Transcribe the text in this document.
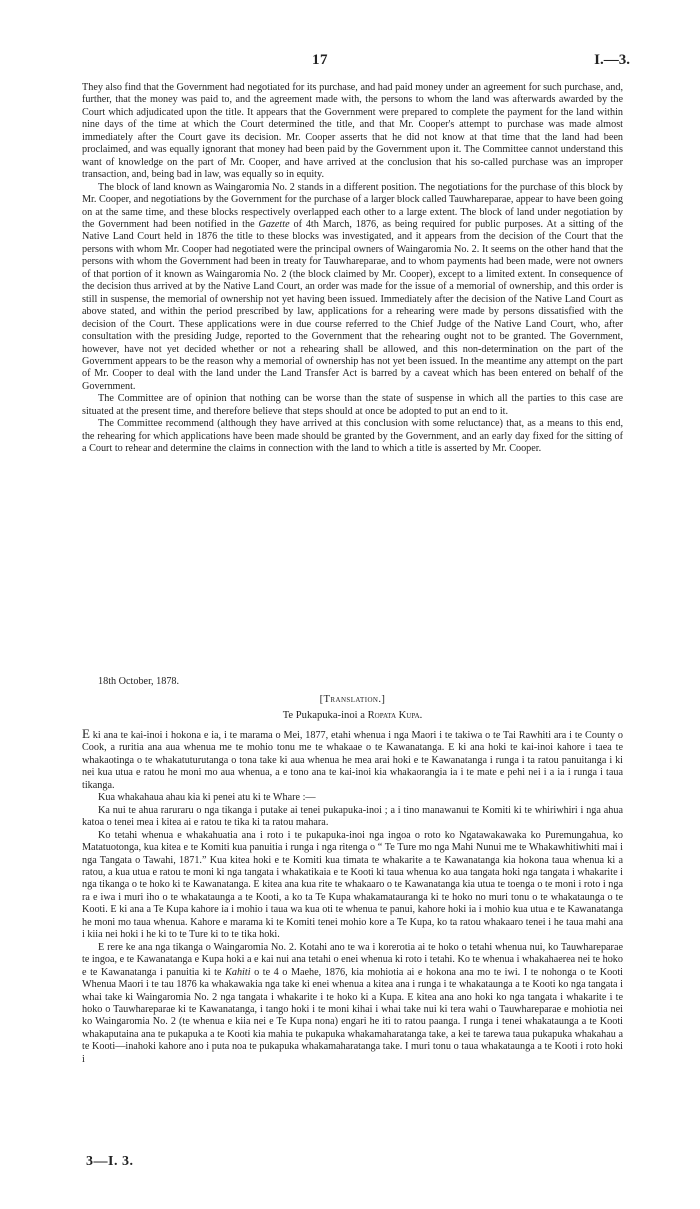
17	I.—3.

They also find that the Government had negotiated for its purchase, and had paid money under an agreement for such purchase, and, further, that the money was paid to, and the agreement made with, the persons to whom the land was afterwards awarded by the Court which adjudicated upon the title. It appears that the Government were prepared to complete the payment for the land within nine days of the time at which the Court determined the title, and that Mr. Cooper's attempt to purchase was made almost immediately after the Court gave its decision. Mr. Cooper asserts that he did not know at that time that the land had been proclaimed, and was equally ignorant that money had been paid by the Government upon it. The Committee cannot understand this want of knowledge on the part of Mr. Cooper, and have arrived at the conclusion that his so-called purchase was an improper transaction, and, being bad in law, was equally so in equity.

The block of land known as Waingaromia No. 2 stands in a different position. The negotiations for the purchase of this block by Mr. Cooper, and negotiations by the Government for the purchase of a larger block called Tauwhareparae, appear to have been going on at the same time, and these blocks respectively overlapped each other to a large extent. The block of land under negotiation by the Government had been notified in the Gazette of 4th March, 1876, as being required for public purposes. At a sitting of the Native Land Court held in 1876 the title to these blocks was investigated, and it appears from the decision of the Court that the persons with whom Mr. Cooper had negotiated were the principal owners of Waingaromia No. 2. It seems on the other hand that the persons with whom the Government had been in treaty for Tauwhareparae, and to whom payments had been made, were not owners of that portion of it known as Waingaromia No. 2 (the block claimed by Mr. Cooper), except to a limited extent. In consequence of the decision thus arrived at by the Native Land Court, an order was made for the issue of a memorial of ownership, and this order is still in suspense, the memorial of ownership not yet having been issued. Immediately after the decision of the Native Land Court as above stated, and within the period prescribed by law, applications for a rehearing were made by persons dissatisfied with the decision of the Court. These applications were in due course referred to the Chief Judge of the Native Land Court, who, after consultation with the presiding Judge, reported to the Government that the rehearing ought not to be granted. The Government, however, have not yet decided whether or not a rehearing shall be allowed, and this non-determination on the part of the Government appears to be the reason why a memorial of ownership has not yet been issued. In the meantime any attempt on the part of Mr. Cooper to deal with the land under the Land Transfer Act is barred by a caveat which has been entered on behalf of the Government.

The Committee are of opinion that nothing can be worse than the state of suspense in which all the parties to this case are situated at the present time, and therefore believe that steps should at once be adopted to put an end to it.

The Committee recommend (although they have arrived at this conclusion with some reluctance) that, as a means to this end, the rehearing for which applications have been made should be granted by the Government, and an early day fixed for the sitting of a Court to rehear and determine the claims in connection with the land to which a title is asserted by Mr. Cooper.

18th October, 1878.
[Translation.]
Te Pukapuka-inoi a Ropata Kupa.

E ki ana te kai-inoi i hokona e ia, i te marama o Mei, 1877, etahi whenua i nga Maori i te takiwa o te Tai Rawhiti ara i te County o Cook, a ruritia ana aua whenua me te mohio tonu me te whakaae o te Kawanatanga. E ki ana hoki te kai-inoi kahore i taea te whakaotinga o te whakatuturutanga o tona take ki aua whenua he mea arai hoki e te Kawanatanga i runga i ta ratou panuitanga i ki nei kua utua e ratou he moni mo aua whenua, a e tono ana te kai-inoi kia whakaorangia ia i te mate e pehi nei i a ia i runga i taua tikanga.

Kua whakahaua ahau kia ki penei atu ki te Whare :—

Ka nui te ahua raruraru o nga tikanga i putake ai tenei pukapuka-inoi ; a i tino manawanui te Komiti ki te whiriwhiri i nga ahua katoa o tenei mea i kitea ai e ratou te tika ki ta ratou mahara.

Ko tetahi whenua e whakahuatia ana i roto i te pukapuka-inoi nga ingoa o roto ko Ngatawakawaka ko Puremungahua, ko Matatuotonga, kua kitea e te Komiti kua panuitia i runga i nga ritenga o “ Te Ture mo nga Mahi Nunui me te Whakawhitiwhiti mai i nga Tangata o Tawahi, 1871.” Kua kitea hoki e te Komiti kua timata te whakarite a te Kawanatanga kia hokona taua whenua ki a ratou, a kua utua e ratou te moni ki nga tangata i whakatikaia e te Kooti ki taua whenua ko aua tangata hoki nga tangata i whakarite i nga tikanga o te hoko ki te Kawanatanga. E kitea ana kua rite te whakaaro o te Kawanatanga kia utua te toenga o te moni i roto i nga ra e iwa i muri iho o te whakataunga a te Kooti, a ko ta Te Kupa whakamatauranga ki te hoko no muri tonu o te whakataunga o te Kooti. E ki ana a Te Kupa kahore ia i mohio i taua wa kua oti te whenua te panui, kahore hoki ia i mohio kua utua e te Kawanatanga he moni mo taua whenua. Kahore e marama ki te Komiti tenei mohio kore a Te Kupa, ko ta ratou whakaaro tenei i he taua mahi ana i kiia nei hoki i he ki to te Ture ki to te tika hoki.

E rere ke ana nga tikanga o Waingaromia No. 2. Kotahi ano te wa i korerotia ai te hoko o tetahi whenua nui, ko Tauwhareparae te ingoa, e te Kawanatanga e Kupa hoki a e kai nui ana tetahi o enei whenua ki roto i tetahi. Ko te whenua i whakahaerea nei te hoko e te Kawanatanga i panuitia ki te Kahiti o te 4 o Maehe, 1876, kia mohiotia ai e hokona ana mo te iwi. I te nohonga o te Kooti Whenua Maori i te tau 1876 ka whakawakia nga take ki enei whenua a kitea ana i runga i te whakataunga a te Kooti ko nga tangata i whai take ki Waingaromia No. 2 nga tangata i whakarite i te hoko ki a Kupa. E kitea ana ano hoki ko nga tangata i whakarite i te hoko o Tauwhareparae ki te Kawanatanga, i tango hoki i te moni kihai i whai take nui ki tera wahi o Tauwhareparae e mohiotia nei ko Waingaromia No. 2 (te whenua e kiia nei e Te Kupa nona) engari he iti to ratou paanga. I runga i tenei whakataunga a te Kooti whakaputaina ana te pukapuka a te Kooti kia mahia te pukapuka whakamaharatanga take, a kei te tarewa taua pukapuka whakahau a te Kooti—inahoki kahore ano i puta noa te pukapuka whakamaharatanga take. I muri tonu o taua whakataunga a te Kooti i roto hoki i

3—I. 3.
